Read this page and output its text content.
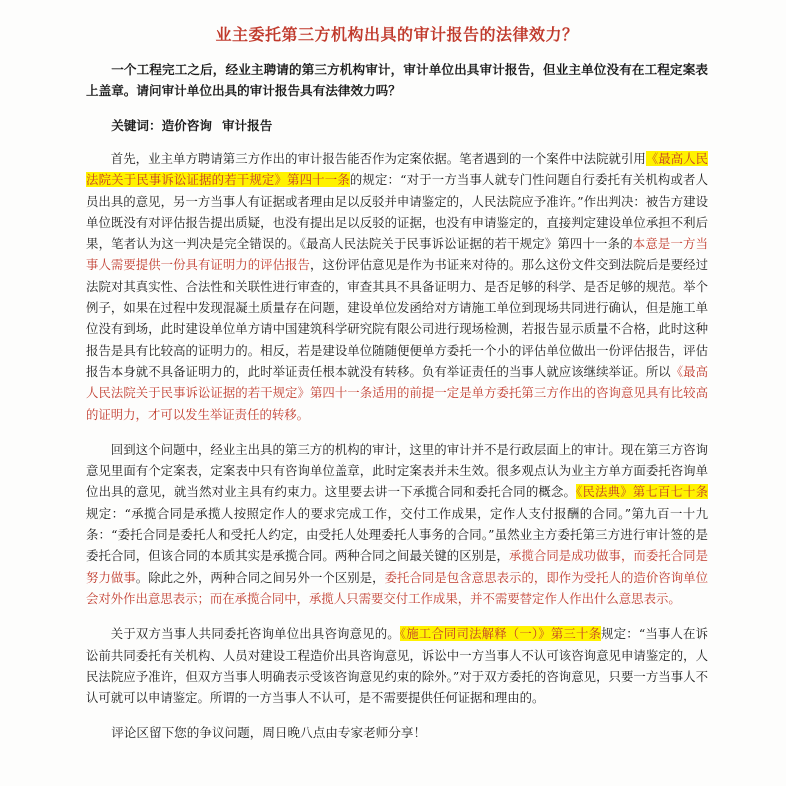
业主委托第三方机构出具的审计报告的法律效力？
一个工程完工之后，经业主聘请的第三方机构审计，审计单位出具审计报告，但业主单位没有在工程定案表上盖章。请问审计单位出具的审计报告具有法律效力吗？
关键词：造价咨询 审计报告
首先，业主单方聘请第三方作出的审计报告能否作为定案依据。笔者遇到的一个案件中法院就引用《最高人民法院关于民事诉讼证据的若干规定》第四十一条的规定：“对于一方当事人就专门性问题自行委托有关机构或者人员出具的意见，另一方当事人有证据或者理由足以反驳并申请鉴定的，人民法院应予准许。”作出判决：被告方建设单位既没有对评估报告提出质疑，也没有提出足以反驳的证据，也没有申请鉴定的，直接判定建设单位承担不利后果，笔者认为这一判决是完全错误的。《最高人民法院关于民事诉讼证据的若干规定》第四十一条的本意是一方当事人需要提供一份具有证明力的评估报告，这份评估意见是作为书证来对待的。那么这份文件交到法院后是要经过法院对其真实性、合法性和关联性进行审查的，审查其具不具备证明力、是否足够的科学、是否足够的规范。举个例子，如果在过程中发现混凝土质量存在问题，建设单位发函给对方请施工单位到现场共同进行确认，但是施工单位没有到场，此时建设单位单方请中国建筑科学研究院有限公司进行现场检测，若报告显示质量不合格，此时这种报告是具有比较高的证明力的。相反，若是建设单位随随便便单方委托一个小的评估单位做出一份评估报告，评估报告本身就不具备证明力的，此时举证责任根本就没有转移。负有举证责任的当事人就应该继续举证。所以《最高人民法院关于民事诉讼证据的若干规定》第四十一条适用的前提一定是单方委托第三方作出的咨询意见具有比较高的证明力，才可以发生举证责任的转移。
回到这个问题中，经业主出具的第三方的机构的审计，这里的审计并不是行政层面上的审计。现在第三方咨询意见里面有个定案表，定案表中只有咨询单位盖章，此时定案表并未生效。很多观点认为业主方单方面委托咨询单位出具的意见，就当然对业主具有约束力。这里要去讲一下承揽合同和委托合同的概念。《民法典》第七百七十条规定：“承揽合同是承揽人按照定作人的要求完成工作，交付工作成果，定作人支付报酬的合同。”第九百一十九条：“委托合同是委托人和受托人约定，由受托人处理委托人事务的合同。”虽然业主方委托第三方进行审计签的是委托合同，但该合同的本质其实是承揽合同。两种合同之间最关键的区别是，承揽合同是成功做事，而委托合同是努力做事。除此之外，两种合同之间另外一个区别是，委托合同是包含意思表示的，即作为受托人的造价咨询单位会对外作出意思表示；而在承揽合同中，承揽人只需要交付工作成果，并不需要替定作人作出什么意思表示。
关于双方当事人共同委托咨询单位出具咨询意见的。《施工合同司法解释（一）》第三十条规定：“当事人在诉讼前共同委托有关机构、人员对建设工程造价出具咨询意见，诉讼中一方当事人不认可该咨询意见申请鉴定的，人民法院应予准许，但双方当事人明确表示受该咨询意见约束的除外。”对于双方委托的咨询意见，只要一方当事人不认可就可以申请鉴定。所谓的一方当事人不认可，是不需要提供任何证据和理由的。
评论区留下您的争议问题，周日晚八点由专家老师分享！
